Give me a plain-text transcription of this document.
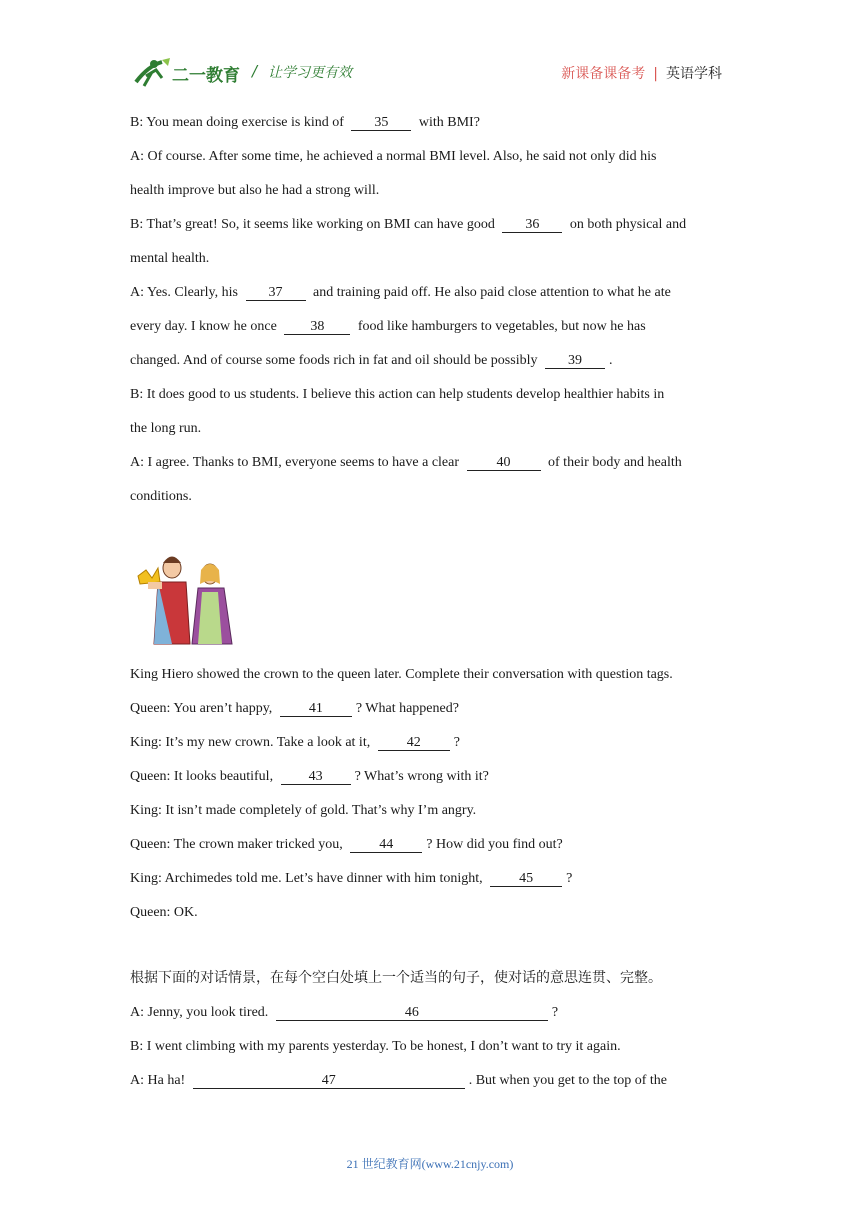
二一教育 / 让学习更有效	新课备课备考 | 英语学科
B: You mean doing exercise is kind of 35 with BMI?
A: Of course. After some time, he achieved a normal BMI level. Also, he said not only did his
health improve but also he had a strong will.
B: That’s great! So, it seems like working on BMI can have good 36 on both physical and
mental health.
A: Yes. Clearly, his 37 and training paid off. He also paid close attention to what he ate
every day. I know he once 38 food like hamburgers to vegetables, but now he has
changed. And of course some foods rich in fat and oil should be possibly 39 .
B: It does good to us students. I believe this action can help students develop healthier habits in
the long run.
A: I agree. Thanks to BMI, everyone seems to have a clear 40 of their body and health
conditions.
King Hiero showed the crown to the queen later. Complete their conversation with question tags.
Queen: You aren’t happy, 41 ? What happened?
King: It’s my new crown. Take a look at it, 42 ?
Queen: It looks beautiful, 43 ? What’s wrong with it?
King: It isn’t made completely of gold. That’s why I’m angry.
Queen: The crown maker tricked you, 44 ? How did you find out?
King: Archimedes told me. Let’s have dinner with him tonight, 45 ?
Queen: OK.
根据下面的对话情景，在每个空白处填上一个适当的句子，使对话的意思连贯、完整。
A: Jenny, you look tired.	46	?
B: I went climbing with my parents yesterday. To be honest, I don’t want to try it again.
A: Ha ha!	47	. But when you get to the top of the
21 世纪教育网(www.21cnjy.com)
